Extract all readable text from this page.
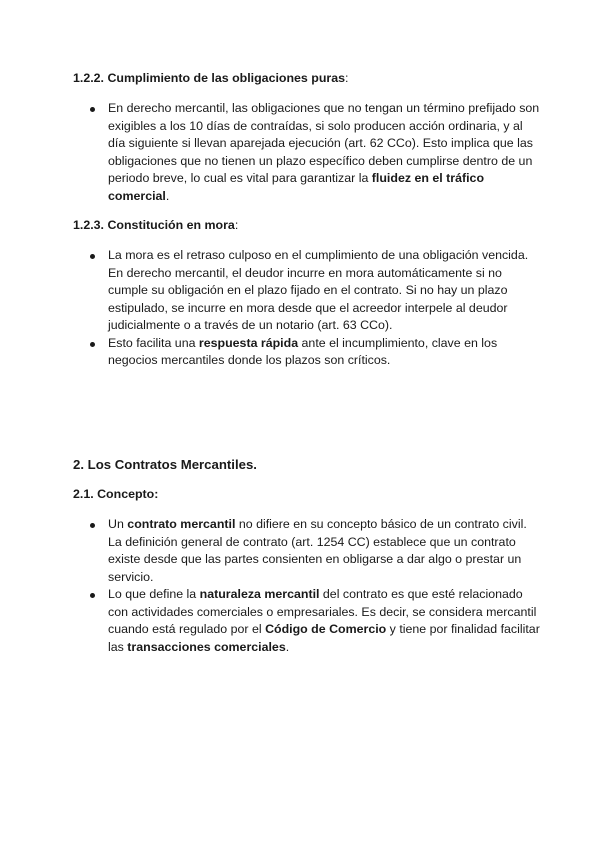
1.2.2. Cumplimiento de las obligaciones puras :
En derecho mercantil, las obligaciones que no tengan un término prefijado son exigibles a los 10 días de contraídas, si solo producen acción ordinaria, y al día siguiente si llevan aparejada ejecución (art. 62 CCo). Esto implica que las obligaciones que no tienen un plazo específico deben cumplirse dentro de un periodo breve, lo cual es vital para garantizar la fluidez en el tráfico comercial.
1.2.3. Constitución en mora:
La mora es el retraso culposo en el cumplimiento de una obligación vencida. En derecho mercantil, el deudor incurre en mora automáticamente si no cumple su obligación en el plazo fijado en el contrato. Si no hay un plazo estipulado, se incurre en mora desde que el acreedor interpele al deudor judicialmente o a través de un notario (art. 63 CCo).
Esto facilita una respuesta rápida ante el incumplimiento, clave en los negocios mercantiles donde los plazos son críticos.
2. Los Contratos Mercantiles.
2.1. Concepto:
Un contrato mercantil no difiere en su concepto básico de un contrato civil. La definición general de contrato (art. 1254 CC) establece que un contrato existe desde que las partes consienten en obligarse a dar algo o prestar un servicio.
Lo que define la naturaleza mercantil del contrato es que esté relacionado con actividades comerciales o empresariales. Es decir, se considera mercantil cuando está regulado por el Código de Comercio y tiene por finalidad facilitar las transacciones comerciales.
